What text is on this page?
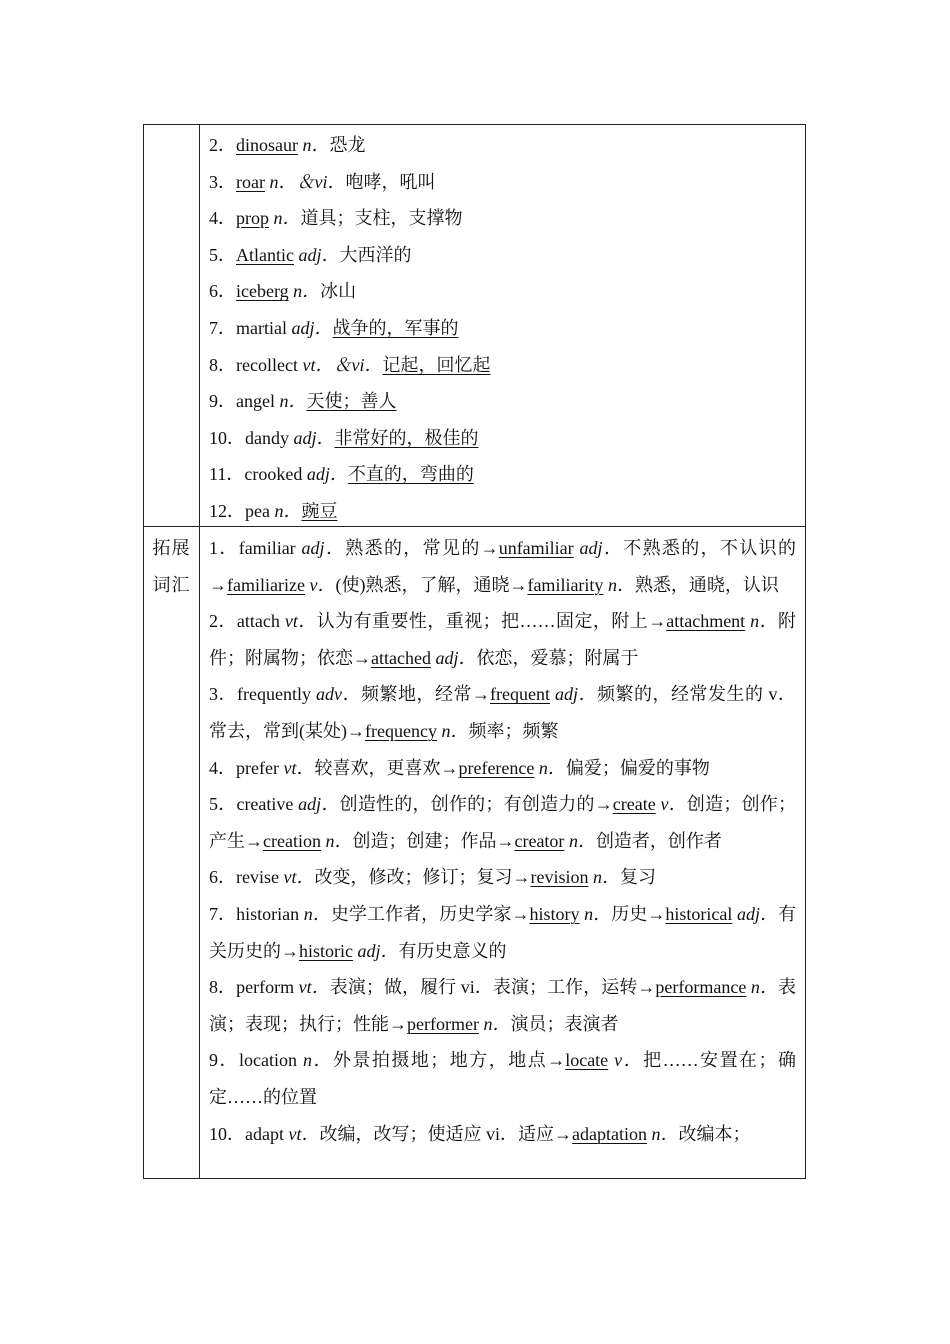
2．dinosaur n．恐龙
3．roar n．＆vi．咆哮，吼叫
4．prop n．道具；支柱，支撑物
5．Atlantic adj．大西洋的
6．iceberg n．冰山
7．martial adj．战争的，军事的
8．recollect vt．＆vi．记起，回忆起
9．angel n．天使；善人
10．dandy adj．非常好的，极佳的
11．crooked adj．不直的，弯曲的
12．pea n．豌豆
拓展
词汇
1．familiar adj．熟悉的，常见的→unfamiliar adj．不熟悉的，不认识的→familiarize v．(使)熟悉，了解，通晓→familiarity n．熟悉，通晓，认识
2．attach vt．认为有重要性，重视；把……固定，附上→attachment n．附件；附属物；依恋→attached adj．依恋，爱慕；附属于
3．frequently adv．频繁地，经常→frequent adj．频繁的，经常发生的 v．常去，常到(某处)→frequency n．频率；频繁
4．prefer vt．较喜欢，更喜欢→preference n．偏爱；偏爱的事物
5．creative adj．创造性的，创作的；有创造力的→create v．创造；创作；产生→creation n．创造；创建；作品→creator n．创造者，创作者
6．revise vt．改变，修改；修订；复习→revision n．复习
7．historian n．史学工作者，历史学家→history n．历史→historical adj．有关历史的→historic adj．有历史意义的
8．perform vt．表演；做，履行 vi．表演；工作，运转→performance n．表演；表现；执行；性能→performer n．演员；表演者
9．location n．外景拍摄地；地方，地点→locate v．把……安置在；确定……的位置
10．adapt vt．改编，改写；使适应 vi．适应→adaptation n．改编本；
